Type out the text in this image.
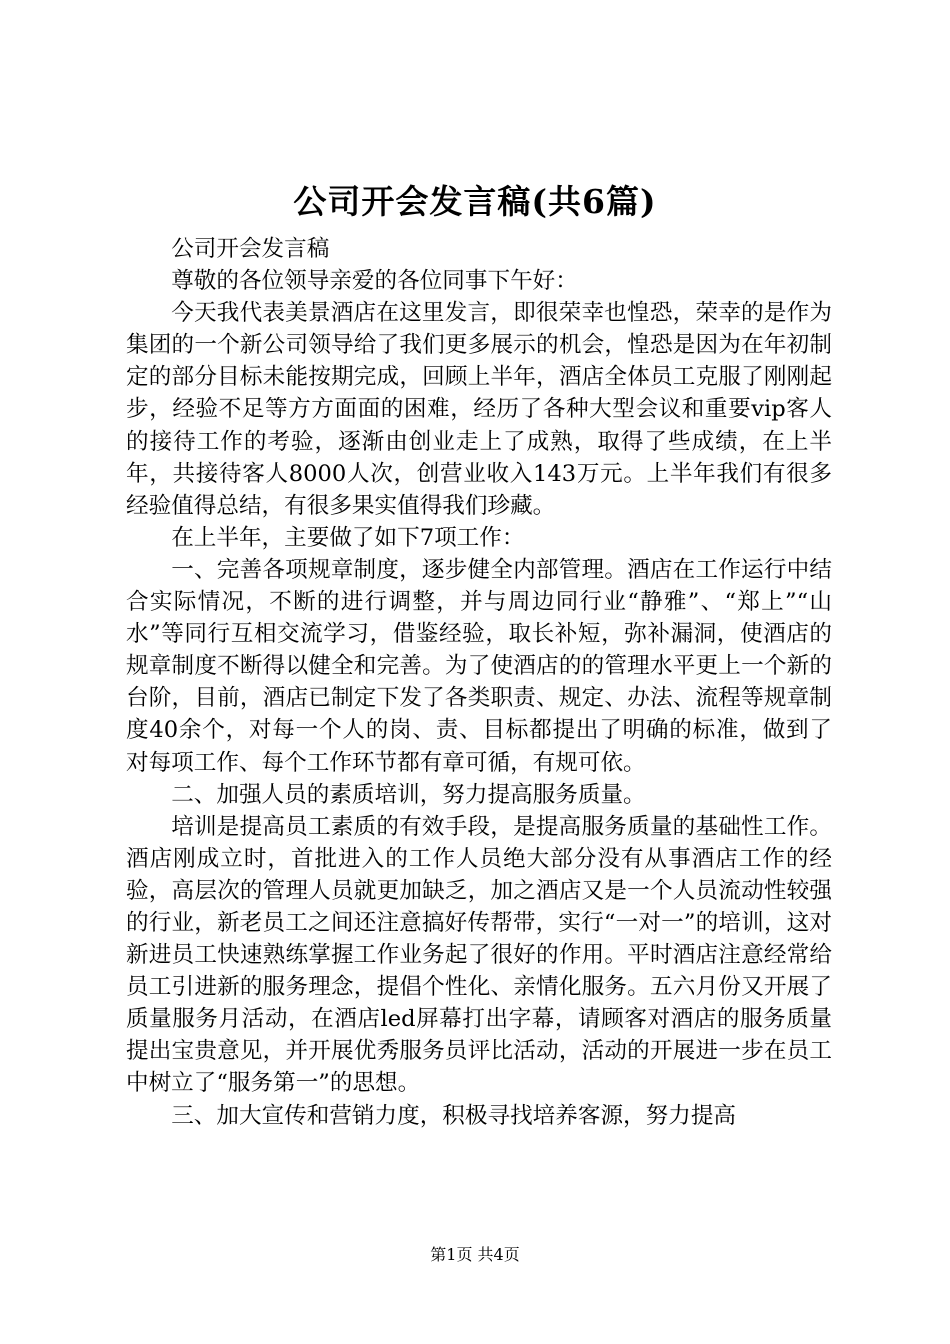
公司开会发言稿(共6篇)

公司开会发言稿

尊敬的各位领导亲爱的各位同事下午好：

今天我代表美景酒店在这里发言，即很荣幸也惶恐，荣幸的是作为集团的一个新公司领导给了我们更多展示的机会，惶恐是因为在年初制定的部分目标未能按期完成，回顾上半年，酒店全体员工克服了刚刚起步，经验不足等方方面面的困难，经历了各种大型会议和重要vip客人的接待工作的考验，逐渐由创业走上了成熟，取得了些成绩，在上半年，共接待客人8000人次，创营业收入143万元。上半年我们有很多经验值得总结，有很多果实值得我们珍藏。

在上半年，主要做了如下7项工作：

一、完善各项规章制度，逐步健全内部管理。酒店在工作运行中结合实际情况，不断的进行调整，并与周边同行业“静雅”、“郑上”“山水”等同行互相交流学习，借鉴经验，取长补短，弥补漏洞，使酒店的规章制度不断得以健全和完善。为了使酒店的的管理水平更上一个新的台阶，目前，酒店已制定下发了各类职责、规定、办法、流程等规章制度40余个，对每一个人的岗、责、目标都提出了明确的标准，做到了对每项工作、每个工作环节都有章可循，有规可依。

二、加强人员的素质培训，努力提高服务质量。

培训是提高员工素质的有效手段，是提高服务质量的基础性工作。酒店刚成立时，首批进入的工作人员绝大部分没有从事酒店工作的经验，高层次的管理人员就更加缺乏，加之酒店又是一个人员流动性较强的行业，新老员工之间还注意搞好传帮带，实行“一对一”的培训，这对新进员工快速熟练掌握工作业务起了很好的作用。平时酒店注意经常给员工引进新的服务理念，提倡个性化、亲情化服务。五六月份又开展了质量服务月活动，在酒店led屏幕打出字幕，请顾客对酒店的服务质量提出宝贵意见，并开展优秀服务员评比活动，活动的开展进一步在员工中树立了“服务第一”的思想。

三、加大宣传和营销力度，积极寻找培养客源，努力提高

第1页 共4页
